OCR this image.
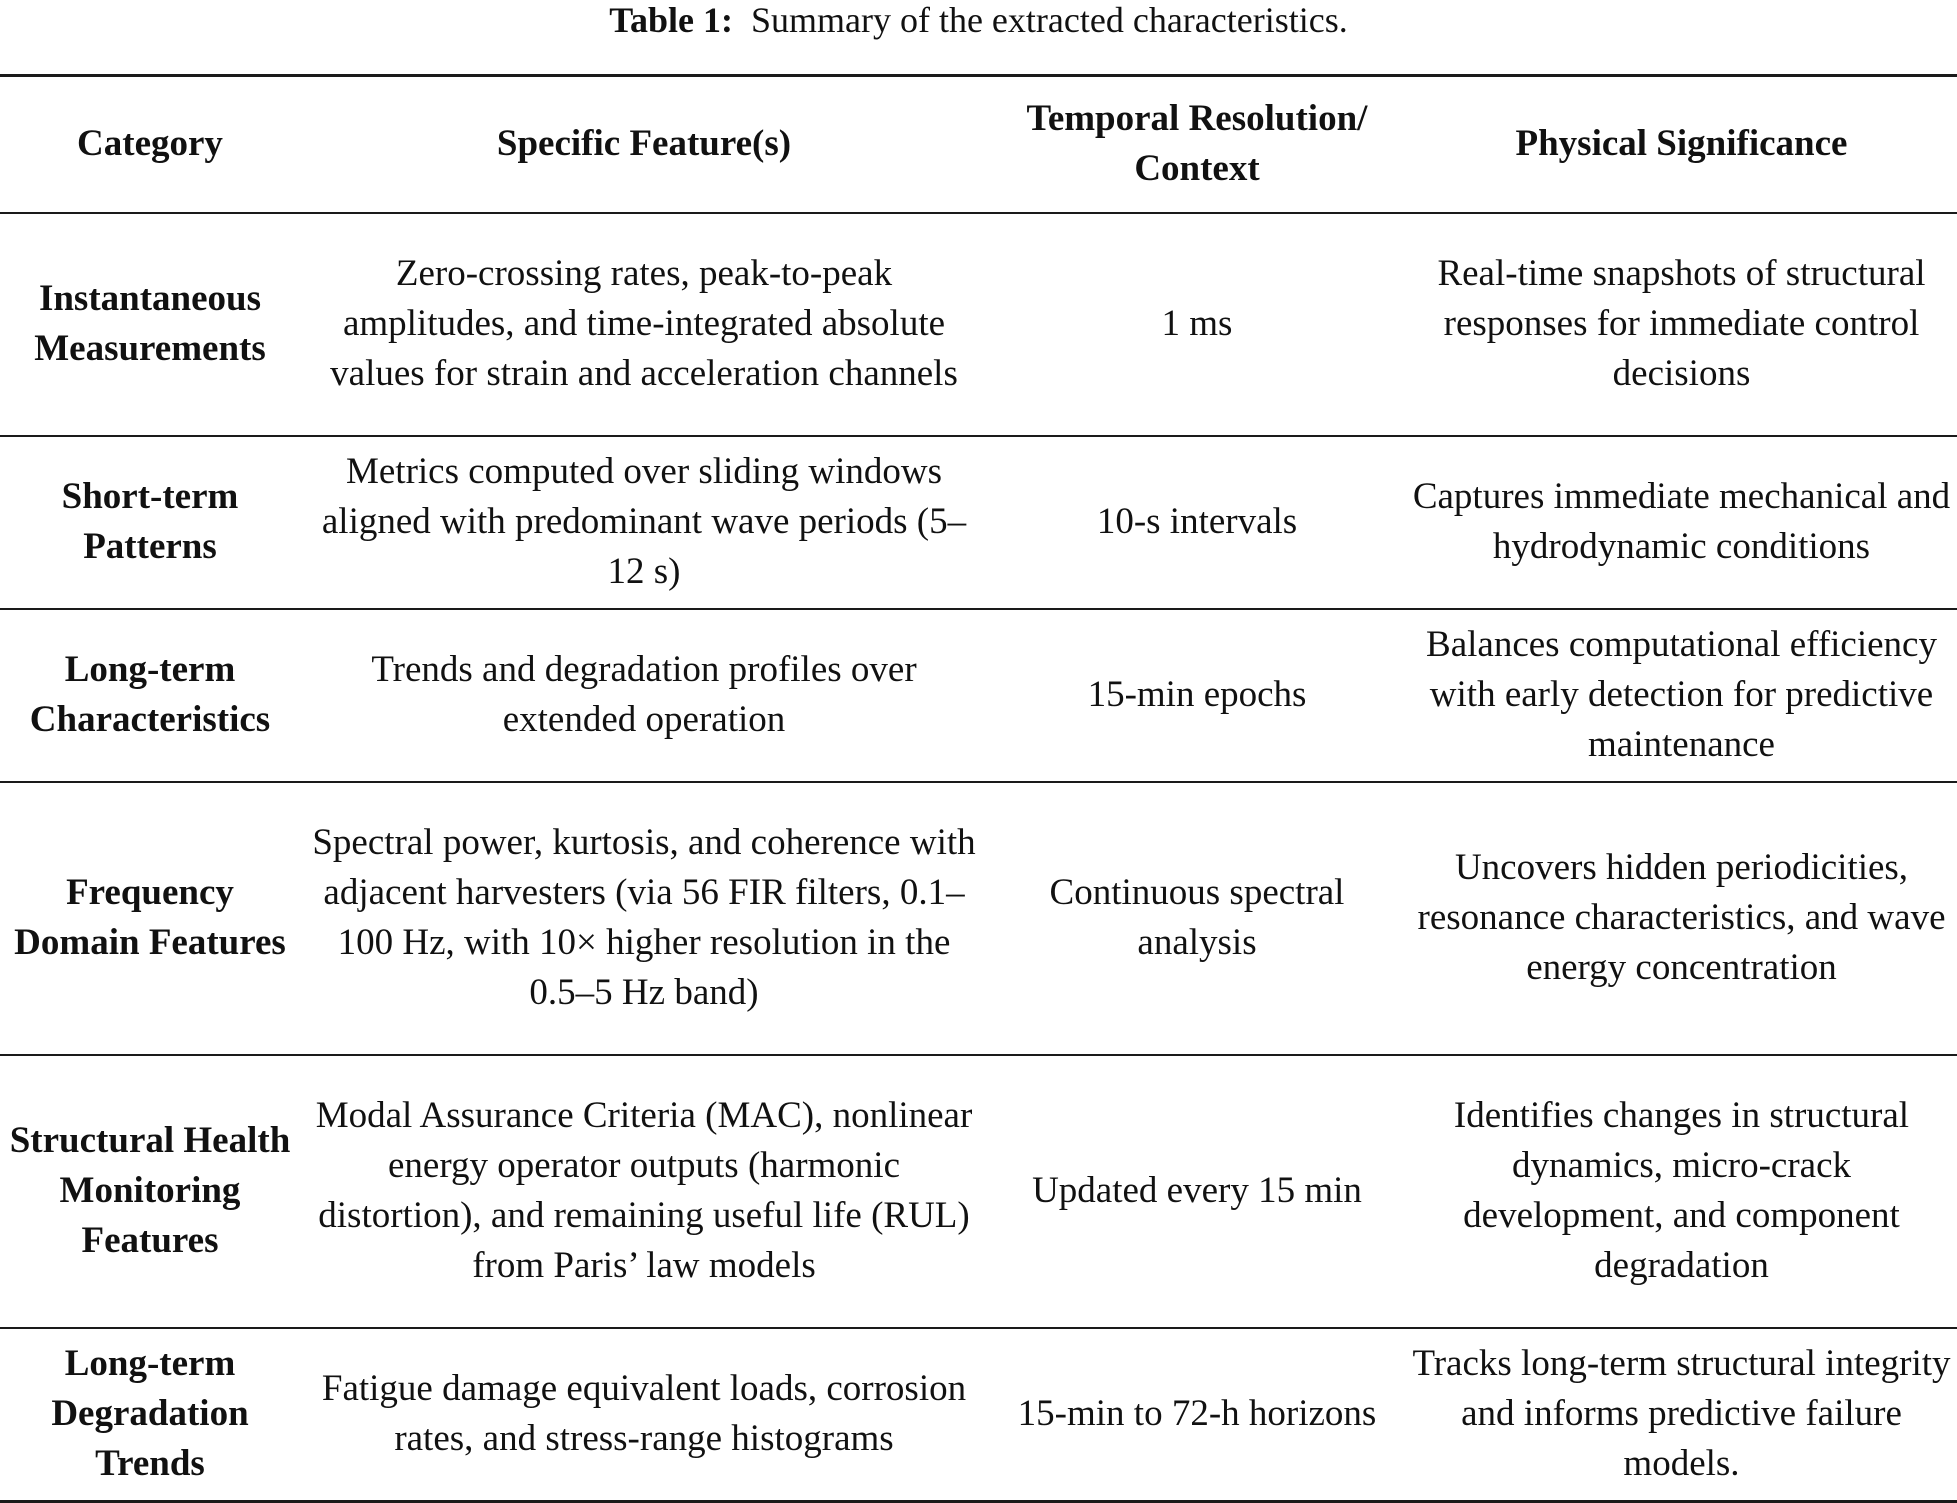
Table 1: Summary of the extracted characteristics.
Category	Specific Feature(s)	Temporal Resolution/ Context	Physical Significance
Instantaneous Measurements	Zero-crossing rates, peak-to-peak amplitudes, and time-integrated absolute values for strain and acceleration channels	1 ms	Real-time snapshots of structural responses for immediate control decisions
Short-term Patterns	Metrics computed over sliding windows aligned with predominant wave periods (5–12 s)	10-s intervals	Captures immediate mechanical and hydrodynamic conditions
Long-term Characteristics	Trends and degradation profiles over extended operation	15-min epochs	Balances computational efficiency with early detection for predictive maintenance
Frequency Domain Features	Spectral power, kurtosis, and coherence with adjacent harvesters (via 56 FIR filters, 0.1–100 Hz, with 10× higher resolution in the 0.5–5 Hz band)	Continuous spectral analysis	Uncovers hidden periodicities, resonance characteristics, and wave energy concentration
Structural Health Monitoring Features	Modal Assurance Criteria (MAC), nonlinear energy operator outputs (harmonic distortion), and remaining useful life (RUL) from Paris’ law models	Updated every 15 min	Identifies changes in structural dynamics, micro-crack development, and component degradation
Long-term Degradation Trends	Fatigue damage equivalent loads, corrosion rates, and stress-range histograms	15-min to 72-h horizons	Tracks long-term structural integrity and informs predictive failure models.
